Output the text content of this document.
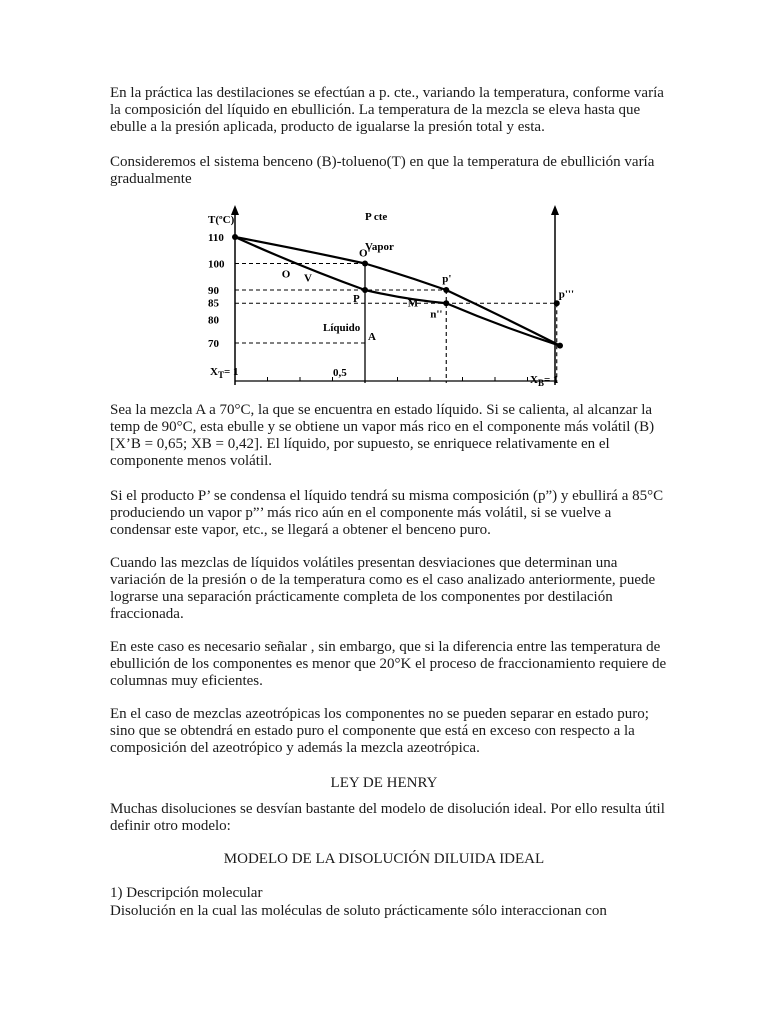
En la práctica las destilaciones se efectúan a p. cte., variando la temperatura, conforme varía la composición del líquido en ebullición. La temperatura de la mezcla se eleva hasta que ebulle a la presión aplicada, producto de igualarse la presión total y esta.

Consideremos el sistema benceno (B)-tolueno(T) en que la temperatura de ebullición varía gradualmente

T(ºC)
110
100
90
85
80
70
P cte
Vapor
Líquido
O'
O V	p'
P	M
p'''
n''
A
$X_T= 1$	0,5
$X_B= 1$

Sea la mezcla A a 70°C, la que se encuentra en estado líquido. Si se calienta, al alcanzar la temp de 90°C, esta ebulle y se obtiene un vapor más rico en el componente más volátil (B) [X’B = 0,65; XB = 0,42]. El líquido, por supuesto, se enriquece relativamente en el componente menos volátil.

Si el producto P’ se condensa el líquido tendrá su misma composición (p”) y ebullirá a 85°C produciendo un vapor p”’ más rico aún en el componente más volátil, si se vuelve a condensar este vapor, etc., se llegará a obtener el benceno puro.

Cuando las mezclas de líquidos volátiles presentan desviaciones que determinan una variación de la presión o de la temperatura como es el caso analizado anteriormente, puede lograrse una separación prácticamente completa de los componentes por destilación fraccionada.

En este caso es necesario señalar , sin embargo, que si la diferencia entre las temperatura de ebullición de los componentes es menor que 20°K el proceso de fraccionamiento requiere de columnas muy eficientes.

En el caso de mezclas azeotrópicas los componentes no se pueden separar en estado puro; sino que se obtendrá en estado puro el componente que está en exceso con respecto a la composición del azeotrópico y además la mezcla azeotrópica.

LEY DE HENRY

Muchas disoluciones se desvían bastante del modelo de disolución ideal. Por ello resulta útil definir otro modelo:

MODELO DE LA DISOLUCIÓN DILUIDA IDEAL

1) Descripción molecular

Disolución en la cual las moléculas de soluto prácticamente sólo interaccionan con
